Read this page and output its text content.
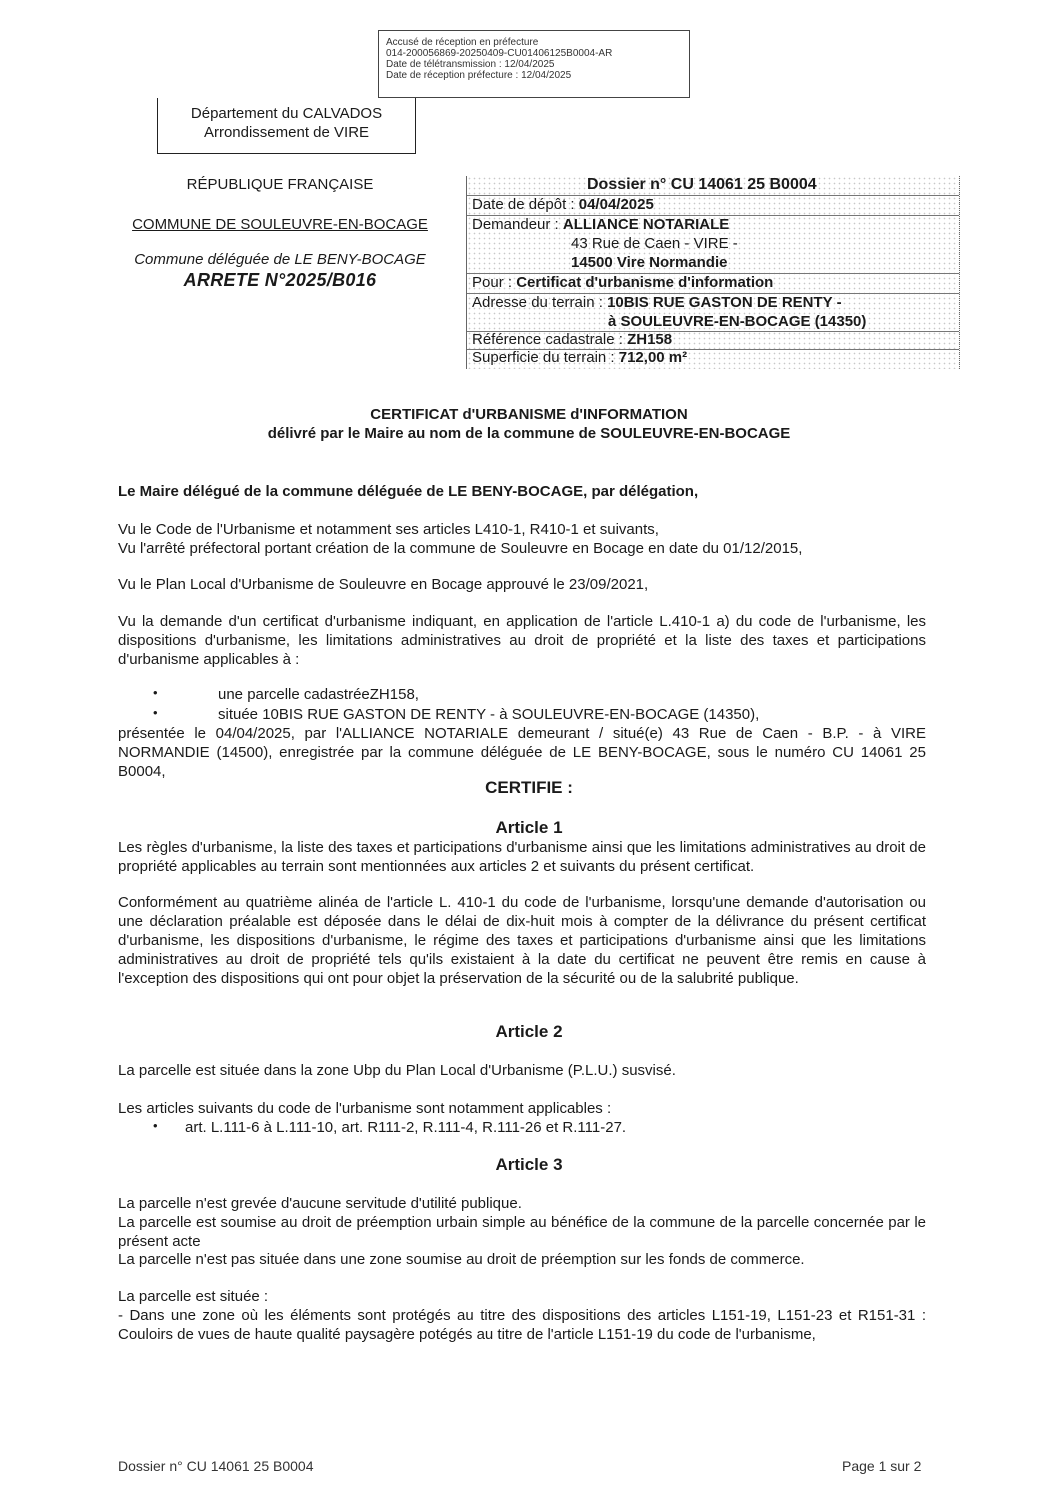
Accusé de réception en préfecture
014-200056869-20250409-CU01406125B0004-AR
Date de télétransmission : 12/04/2025
Date de réception préfecture : 12/04/2025
Département du CALVADOS
Arrondissement de VIRE
RÉPUBLIQUE FRANÇAISE
COMMUNE DE SOULEUVRE-EN-BOCAGE
Commune déléguée de LE BENY-BOCAGE
ARRETE N°2025/B016
Dossier n° CU 14061 25 B0004
Date de dépôt : 04/04/2025
Demandeur : ALLIANCE NOTARIALE
43 Rue de Caen - VIRE -
14500 Vire Normandie
Pour : Certificat d'urbanisme d'information
Adresse du terrain : 10BIS RUE GASTON DE RENTY -
à SOULEUVRE-EN-BOCAGE (14350)
Référence cadastrale : ZH158
Superficie du terrain : 712,00 m²
CERTIFICAT d'URBANISME d'INFORMATION
délivré par le Maire au nom de la commune de SOULEUVRE-EN-BOCAGE
Le Maire délégué de la commune déléguée de LE BENY-BOCAGE, par délégation,
Vu le Code de l'Urbanisme et notamment ses articles L410-1, R410-1 et suivants,
Vu l'arrêté préfectoral portant création de la commune de Souleuvre en Bocage en date du 01/12/2015,
Vu le Plan Local d'Urbanisme de Souleuvre en Bocage approuvé le 23/09/2021,
Vu la demande d'un certificat d'urbanisme indiquant, en application de l'article L.410-1 a) du code de l'urbanisme, les dispositions d'urbanisme, les limitations administratives au droit de propriété et la liste des taxes et participations d'urbanisme applicables à :
•	une parcelle cadastréeZH158,
•	située 10BIS RUE GASTON DE RENTY - à SOULEUVRE-EN-BOCAGE (14350),
présentée le 04/04/2025, par l'ALLIANCE NOTARIALE demeurant / situé(e) 43 Rue de Caen - B.P. - à VIRE NORMANDIE (14500), enregistrée par la commune déléguée de LE BENY-BOCAGE, sous le numéro CU 14061 25 B0004,
CERTIFIE :
Article 1
Les règles d'urbanisme, la liste des taxes et participations d'urbanisme ainsi que les limitations administratives au droit de propriété applicables au terrain sont mentionnées aux articles 2 et suivants du présent certificat.
Conformément au quatrième alinéa de l'article L. 410-1 du code de l'urbanisme, lorsqu'une demande d'autorisation ou une déclaration préalable est déposée dans le délai de dix-huit mois à compter de la délivrance du présent certificat d'urbanisme, les dispositions d'urbanisme, le régime des taxes et participations d'urbanisme ainsi que les limitations administratives au droit de propriété tels qu'ils existaient à la date du certificat ne peuvent être remis en cause à l'exception des dispositions qui ont pour objet la préservation de la sécurité ou de la salubrité publique.
Article 2
La parcelle est située dans la zone Ubp du Plan Local d'Urbanisme (P.L.U.) susvisé.
Les articles suivants du code de l'urbanisme sont notamment applicables :
• art. L.111-6 à L.111-10, art. R111-2, R.111-4, R.111-26 et R.111-27.
Article 3
La parcelle n'est grevée d'aucune servitude d'utilité publique.
La parcelle est soumise au droit de préemption urbain simple au bénéfice de la commune de la parcelle concernée par le présent acte
La parcelle n'est pas située dans une zone soumise au droit de préemption sur les fonds de commerce.
La parcelle est située :
- Dans une zone où les éléments sont protégés au titre des dispositions des articles L151-19, L151-23 et R151-31 : Couloirs de vues de haute qualité paysagère potégés au titre de l'article L151-19 du code de l'urbanisme,
Dossier n° CU 14061 25 B0004	Page 1 sur 2
